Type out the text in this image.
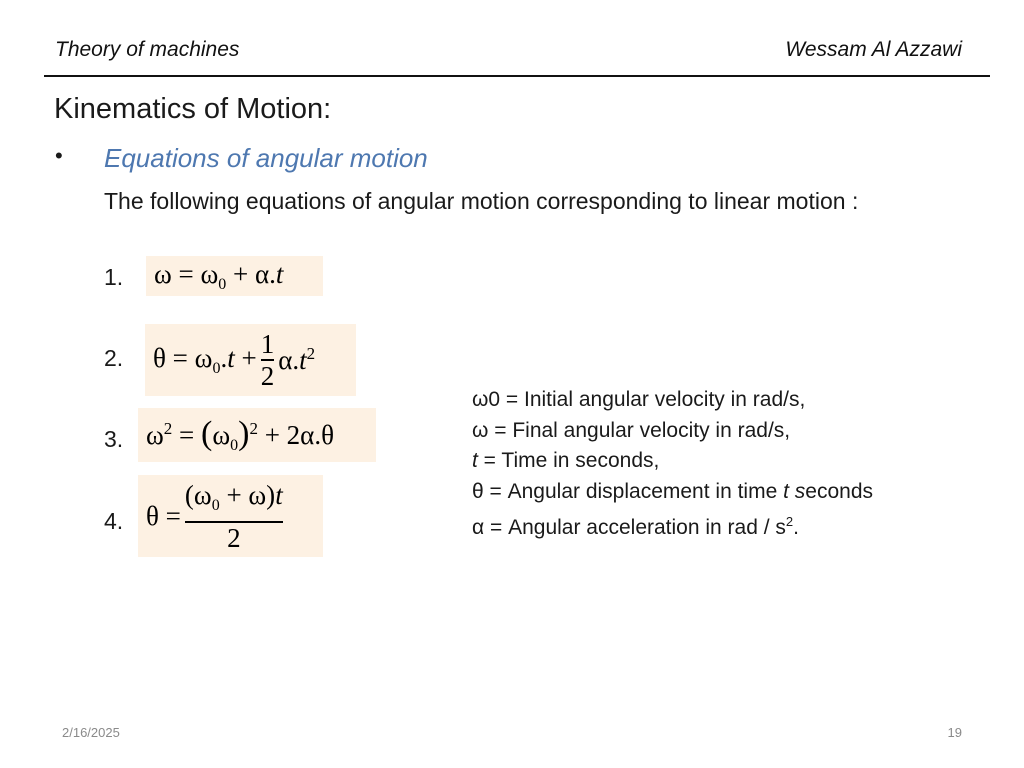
Theory of machines	Wessam Al Azzawi
Kinematics of Motion:
• Equations of angular motion
The following equations of angular motion corresponding to linear motion :
1. $\omega = \omega_0 + \alpha.t$
2. $\theta = \omega_0.t + \frac{1}{2} \alpha.t^2$
3. $\omega^2 = (\omega_0)^2 + 2\alpha.\theta$
4. $\theta = \frac{(\omega_0 + \omega)t}{2}$
ω0 = Initial angular velocity in rad/s,
ω = Final angular velocity in rad/s,
t = Time in seconds,
θ = Angular displacement in time t seconds
α = Angular acceleration in rad / $s^2$.
2/16/2025	19
